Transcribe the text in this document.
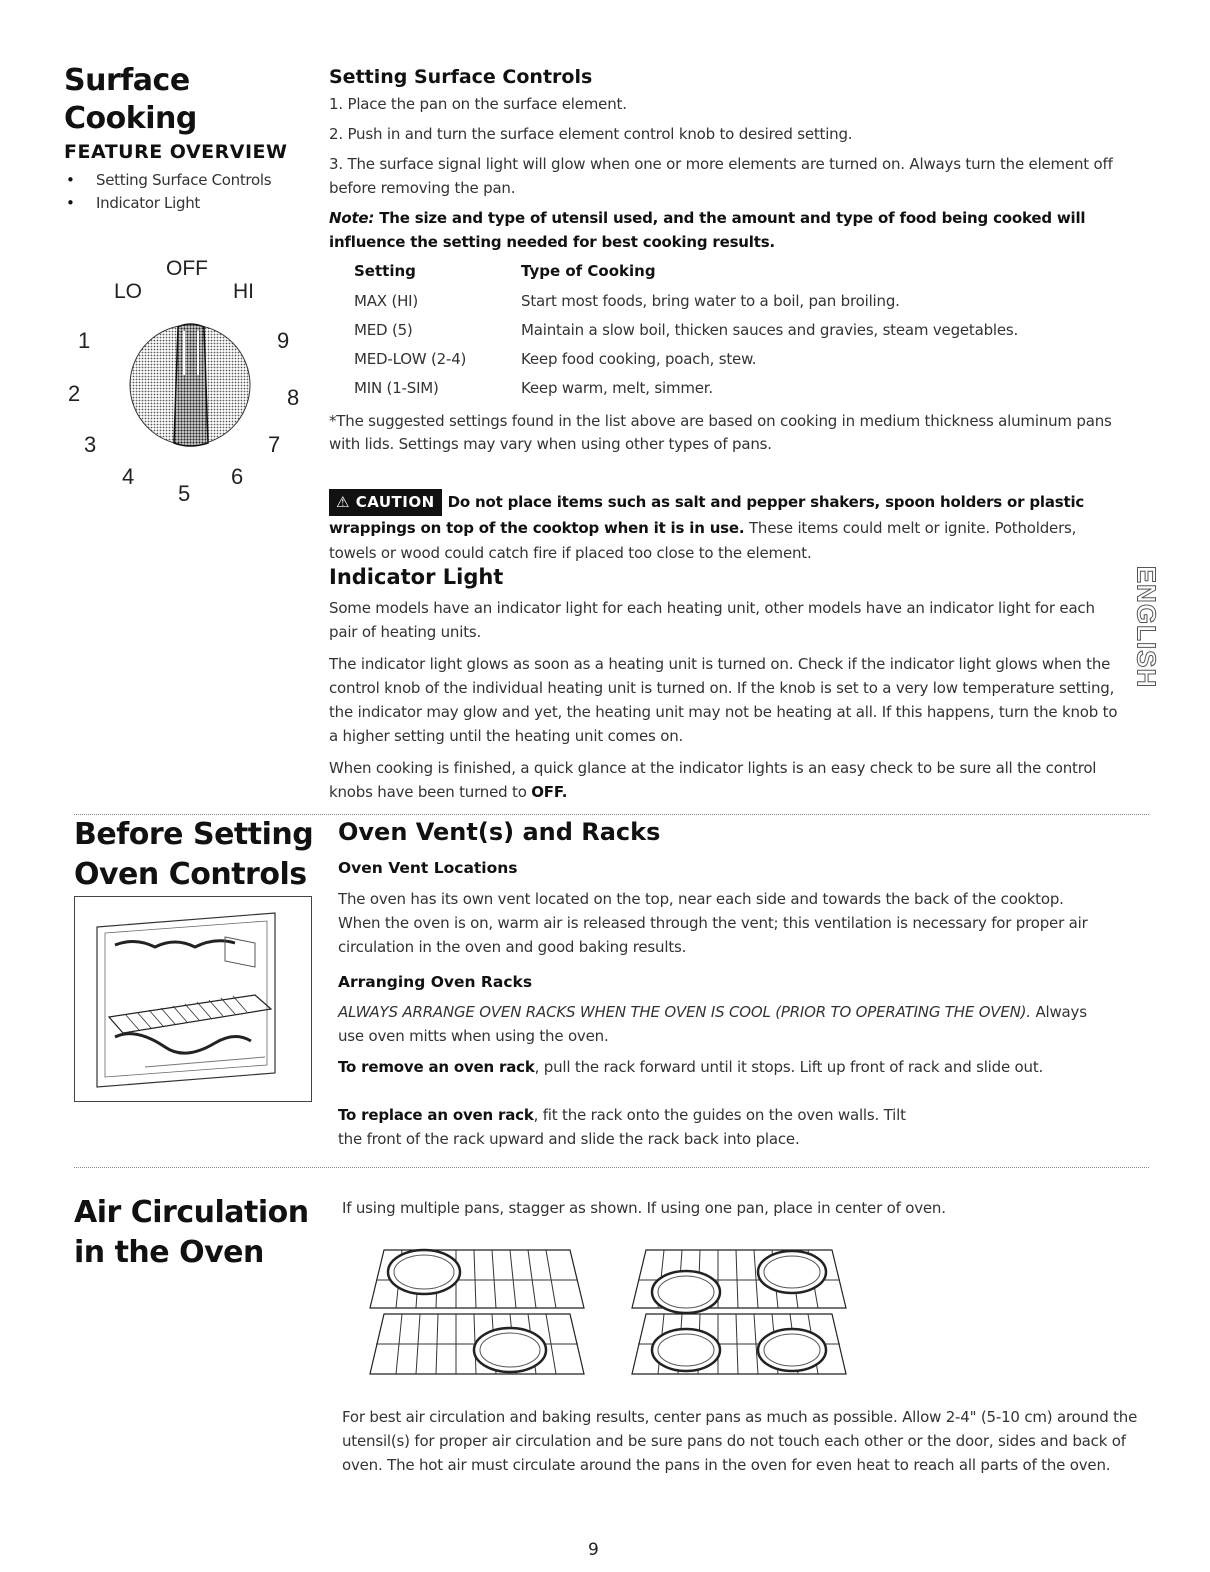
Surface
Cooking
FEATURE OVERVIEW
• Setting Surface Controls
• Indicator Light
OFF
LO	HI
1
2
3
4
5
6
7
8
9
Setting Surface Controls
1. Place the pan on the surface element.
2. Push in and turn the surface element control knob to desired setting.
3. The surface signal light will glow when one or more elements are turned on. Always turn the element off before removing the pan.
Note: The size and type of utensil used, and the amount and type of food being cooked will influence the setting needed for best cooking results.
Setting	Type of Cooking
MAX (HI)	Start most foods, bring water to a boil, pan broiling.
MED (5)	Maintain a slow boil, thicken sauces and gravies, steam vegetables.
MED-LOW (2-4)	Keep food cooking, poach, stew.
MIN (1-SIM)	Keep warm, melt, simmer.
*The suggested settings found in the list above are based on cooking in medium thickness aluminum pans with lids. Settings may vary when using other types of pans.
⚠ CAUTION Do not place items such as salt and pepper shakers, spoon holders or plastic wrappings on top of the cooktop when it is in use. These items could melt or ignite. Potholders, towels or wood could catch fire if placed too close to the element.
Indicator Light
Some models have an indicator light for each heating unit, other models have an indicator light for each pair of heating units.
The indicator light glows as soon as a heating unit is turned on. Check if the indicator light glows when the control knob of the individual heating unit is turned on. If the knob is set to a very low temperature setting, the indicator may glow and yet, the heating unit may not be heating at all. If this happens, turn the knob to a higher setting until the heating unit comes on.
When cooking is finished, a quick glance at the indicator lights is an easy check to be sure all the control knobs have been turned to OFF.
ENGLISH
Before Setting
Oven Controls
Oven Vent(s) and Racks
Oven Vent Locations
The oven has its own vent located on the top, near each side and towards the back of the cooktop. When the oven is on, warm air is released through the vent; this ventilation is necessary for proper air circulation in the oven and good baking results.
Arranging Oven Racks
ALWAYS ARRANGE OVEN RACKS WHEN THE OVEN IS COOL (PRIOR TO OPERATING THE OVEN). Always use oven mitts when using the oven.
To remove an oven rack, pull the rack forward until it stops. Lift up front of rack and slide out.
To replace an oven rack, fit the rack onto the guides on the oven walls. Tilt the front of the rack upward and slide the rack back into place.
Air Circulation
in the Oven
If using multiple pans, stagger as shown. If using one pan, place in center of oven.
For best air circulation and baking results, center pans as much as possible. Allow 2-4" (5-10 cm) around the utensil(s) for proper air circulation and be sure pans do not touch each other or the door, sides and back of oven. The hot air must circulate around the pans in the oven for even heat to reach all parts of the oven.
9
